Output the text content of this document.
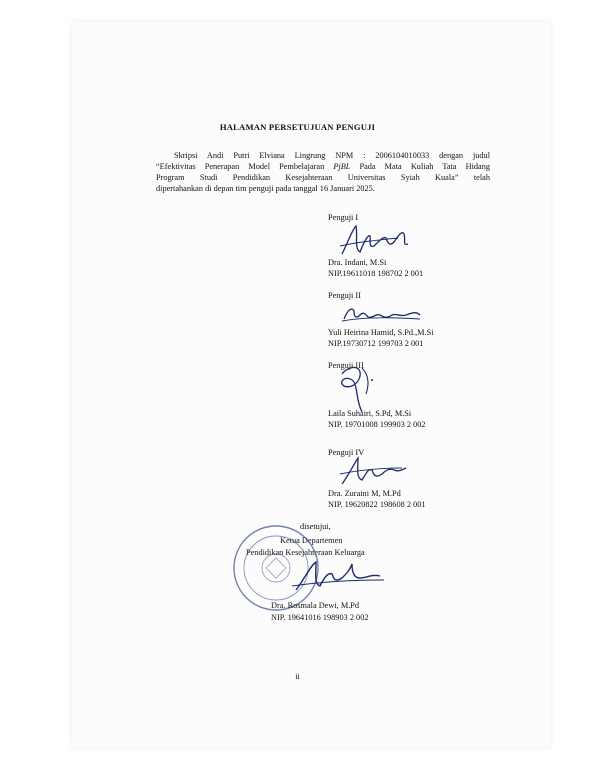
HALAMAN PERSETUJUAN PENGUJI
Skripsi Andi Putri Elviana Lingrung NPM : 2006104010033 dengan judul
“Efektivitas Penerapan Model Pembelajaran PjBL Pada Mata Kuliah Tata Hidang
Program Studi Pendidikan Kesejahteraan Universitas Syiah Kuala” telah
dipertahankan di depan tim penguji pada tanggal 16 Januari 2025.
Penguji I
Dra. Indani, M.Si
NIP.19611018 198702 2 001
Penguji II
Yuli Heirina Hamid, S.Pd.,M.Si
NIP.19730712 199703 2 001
Penguji III
Laila Suhairi, S.Pd, M.Si
NIP. 19701008 199903 2 002
Penguji IV
Dra. Zuraini M, M.Pd
NIP. 19620822 198608 2 001
disetujui,
Ketua Departemen
Pendidikan Kesejahteraan Keluarga
Dra. Rosmala Dewi, M.Pd
NIP. 19641016 198903 2 002
ii
